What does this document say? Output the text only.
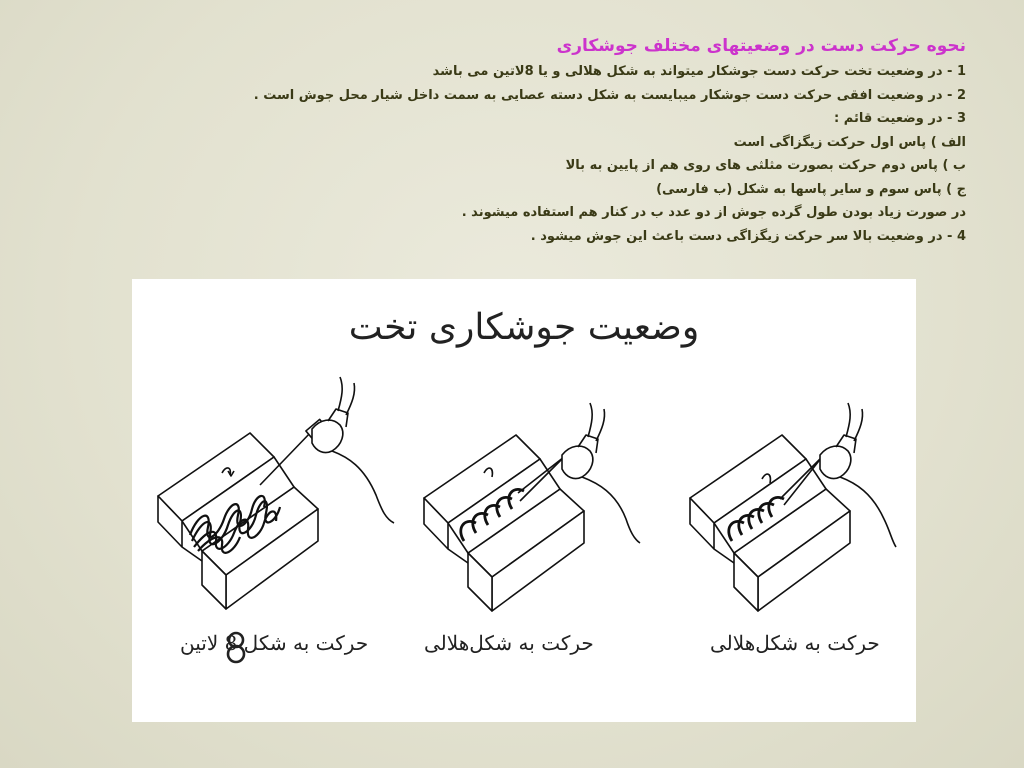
نحوه حرکت دست در وضعیتهای مختلف جوشکاری
1 - در وضعیت تخت حرکت دست جوشکار میتواند به شکل هلالی و یا 8لاتین می باشد
2 - در وضعیت افقی حرکت دست جوشکار میبایست به شکل دسته عصایی به سمت داخل شیار محل جوش است .
3 - در وضعیت قائم :
الف ) پاس اول حرکت زیگزاگی است
ب ) پاس دوم حرکت بصورت مثلثی های روی هم از پایین به بالا
ج ) پاس سوم و سایر پاسها به شکل (ب فارسی)
در صورت زیاد بودن طول گرده جوش از دو عدد ب در کنار هم استفاده میشوند .
4 - در وضعیت بالا سر حرکت زیگزاگی دست باعث این جوش میشود .
وضعیت جوشکاری تخت
حرکت به شکل 8 لاتین	حرکت به شکل‌هلالی	حرکت به شکل‌هلالی
